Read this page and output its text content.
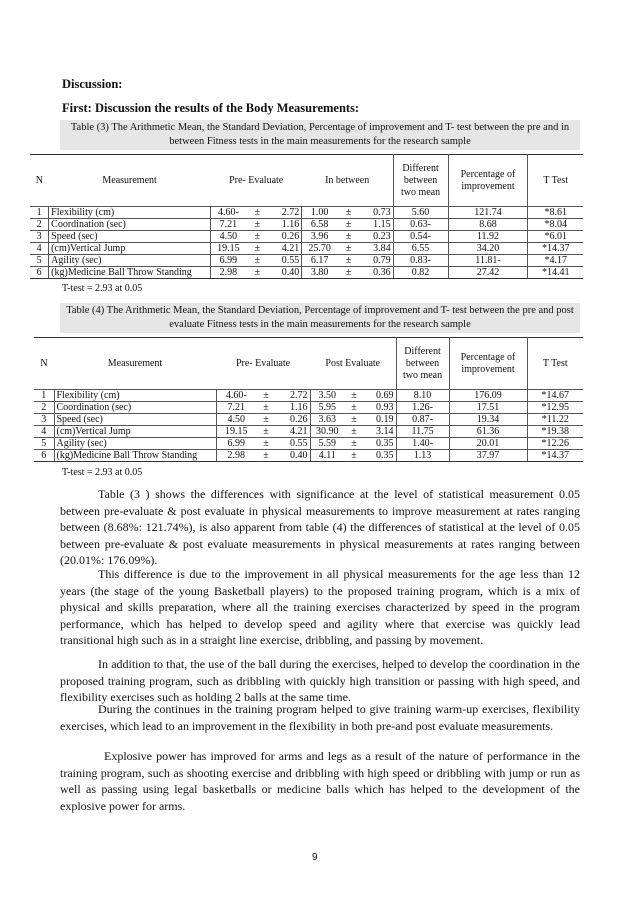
Discussion:
First: Discussion the results of the Body Measurements:
Table (3) The Arithmetic Mean, the Standard Deviation, Percentage of improvement and T- test between the pre and in between Fitness tests in the main measurements for the research sample
N	Measurement	Pre- Evaluate			In between			Different between two mean	Percentage of improvement	T Test
1	Flexibility (cm)	4.60-	±	2.72	1.00	±	0.73	5.60	121.74	*8.61
2	Coordination (sec)	7.21	±	1.16	6.58	±	1.15	0.63-	8.68	*8.04
3	Speed (sec)	4.50	±	0.26	3.96	±	0.23	0.54-	11.92	*6.01
4	(cm)Vertical Jump	19.15	±	4.21	25.70	±	3.84	6.55	34.20	*14.37
5	Agility (sec)	6.99	±	0.55	6.17	±	0.79	0.83-	11.81-	*4.17
6	(kg)Medicine Ball Throw Standing	2.98	±	0.40	3.80	±	0.36	0.82	27.42	*14.41
T-test = 2.93 at 0.05
Table (4) The Arithmetic Mean, the Standard Deviation, Percentage of improvement and T- test between the pre and post evaluate Fitness tests in the main measurements for the research sample
N	Measurement	Pre- Evaluate			Post Evaluate			Different between two mean	Percentage of improvement	T Test
1	Flexibility (cm)	4.60-	±	2.72	3.50	±	0.69	8.10	176.09	*14.67
2	Coordination (sec)	7.21	±	1.16	5.95	±	0.93	1.26-	17.51	*12.95
3	Speed (sec)	4.50	±	0.26	3.63	±	0.19	0.87-	19.34	*11.22
4	(cm)Vertical Jump	19.15	±	4.21	30.90	±	3.14	11.75	61.36	*19.38
5	Agility (sec)	6.99	±	0.55	5.59	±	0.35	1.40-	20.01	*12.26
6	(kg)Medicine Ball Throw Standing	2.98	±	0.40	4.11	±	0.35	1.13	37.97	*14.37
T-test = 2.93 at 0.05

Table (3 ) shows the differences with significance at the level of statistical measurement 0.05 between pre-evaluate & post evaluate in physical measurements to improve measurement at rates ranging between (8.68%: 121.74%), is also apparent from table (4) the differences of statistical at the level of 0.05 between pre-evaluate & post evaluate measurements in physical measurements at rates ranging between (20.01%: 176.09%).

This difference is due to the improvement in all physical measurements for the age less than 12 years (the stage of the young Basketball players) to the proposed training program, which is a mix of physical and skills preparation, where all the training exercises characterized by speed in the program performance, which has helped to develop speed and agility where that exercise was quickly lead transitional high such as in a straight line exercise, dribbling, and passing by movement.

In addition to that, the use of the ball during the exercises, helped to develop the coordination in the proposed training program, such as dribbling with quickly high transition or passing with high speed, and flexibility exercises such as holding 2 balls at the same time.

During the continues in the training program helped to give training warm-up exercises, flexibility exercises, which lead to an improvement in the flexibility in both pre-and post evaluate measurements.

Explosive power has improved for arms and legs as a result of the nature of performance in the training program, such as shooting exercise and dribbling with high speed or dribbling with jump or run as well as passing using legal basketballs or medicine balls which has helped to the development of the explosive power for arms.

9
